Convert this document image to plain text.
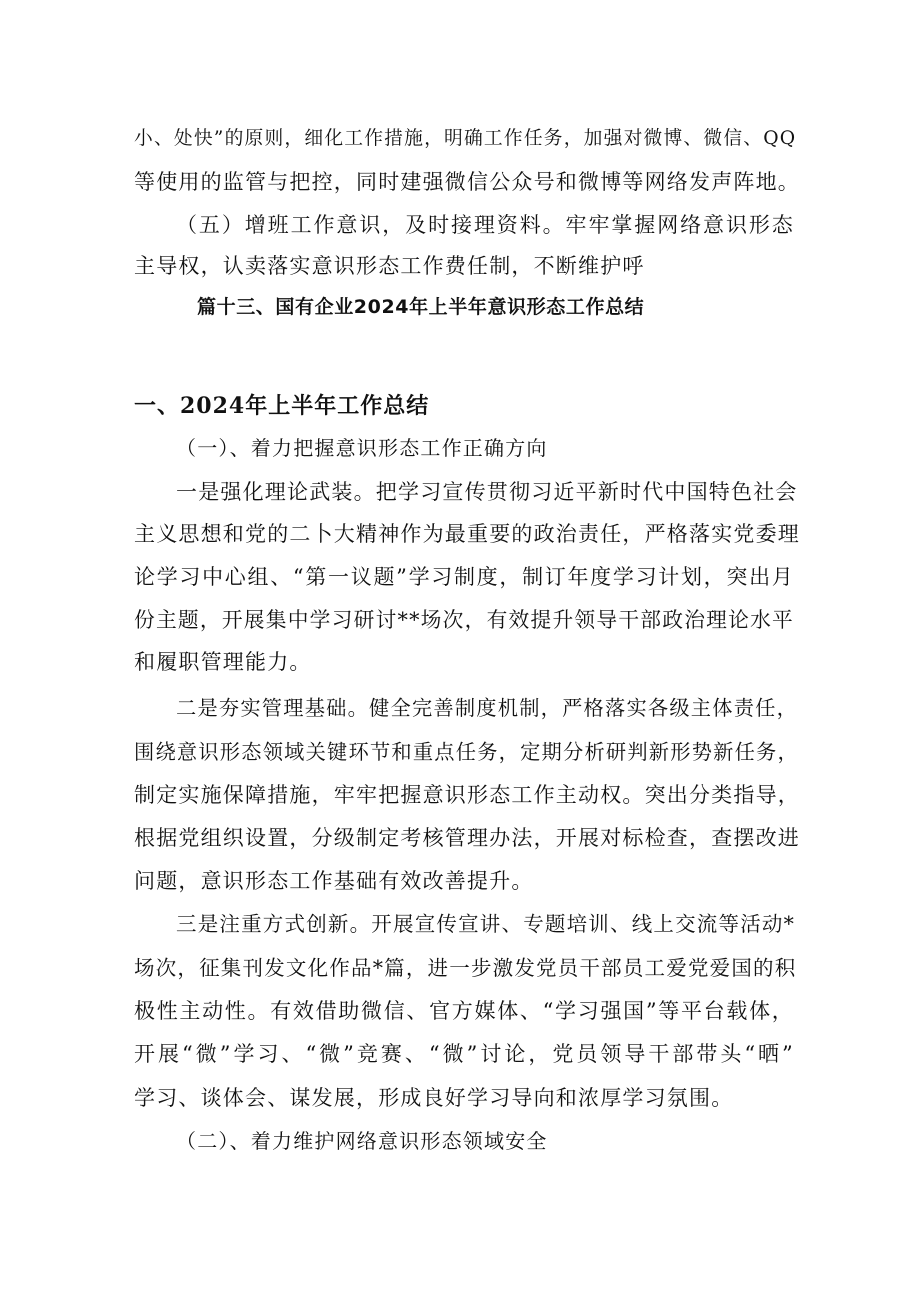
小、处快”的原则，细化工作措施，明确工作任务，加强对微博、微信、QQ
等使用的监管与把控，同时建强微信公众号和微博等网络发声阵地。
（五）增班工作意识，及时接理资料。牢牢掌握网络意识形态
主导权，认卖落实意识形态工作费任制，不断维护呼
篇十三、国有企业2024年上半年意识形态工作总结
一、2024年上半年工作总结
（一）、着力把握意识形态工作正确方向
一是强化理论武装。把学习宣传贯彻习近平新时代中国特色社会
主义思想和党的二卜大精神作为最重要的政治责任，严格落实党委理
论学习中心组、“第一议题”学习制度，制订年度学习计划，突出月
份主题，开展集中学习研讨**场次，有效提升领导干部政治理论水平
和履职管理能力。
二是夯实管理基础。健全完善制度机制，严格落实各级主体责任，
围绕意识形态领域关键环节和重点任务，定期分析研判新形势新任务，
制定实施保障措施，牢牢把握意识形态工作主动权。突出分类指导，
根据党组织设置，分级制定考核管理办法，开展对标检查，查摆改进
问题，意识形态工作基础有效改善提升。
三是注重方式创新。开展宣传宣讲、专题培训、线上交流等活动*
场次，征集刊发文化作品*篇，进一步激发党员干部员工爱党爱国的积
极性主动性。有效借助微信、官方媒体、“学习强国”等平台载体，
开展“微”学习、“微”竞赛、“微”讨论，党员领导干部带头“晒”
学习、谈体会、谋发展，形成良好学习导向和浓厚学习氛围。
（二）、着力维护网络意识形态领域安全
